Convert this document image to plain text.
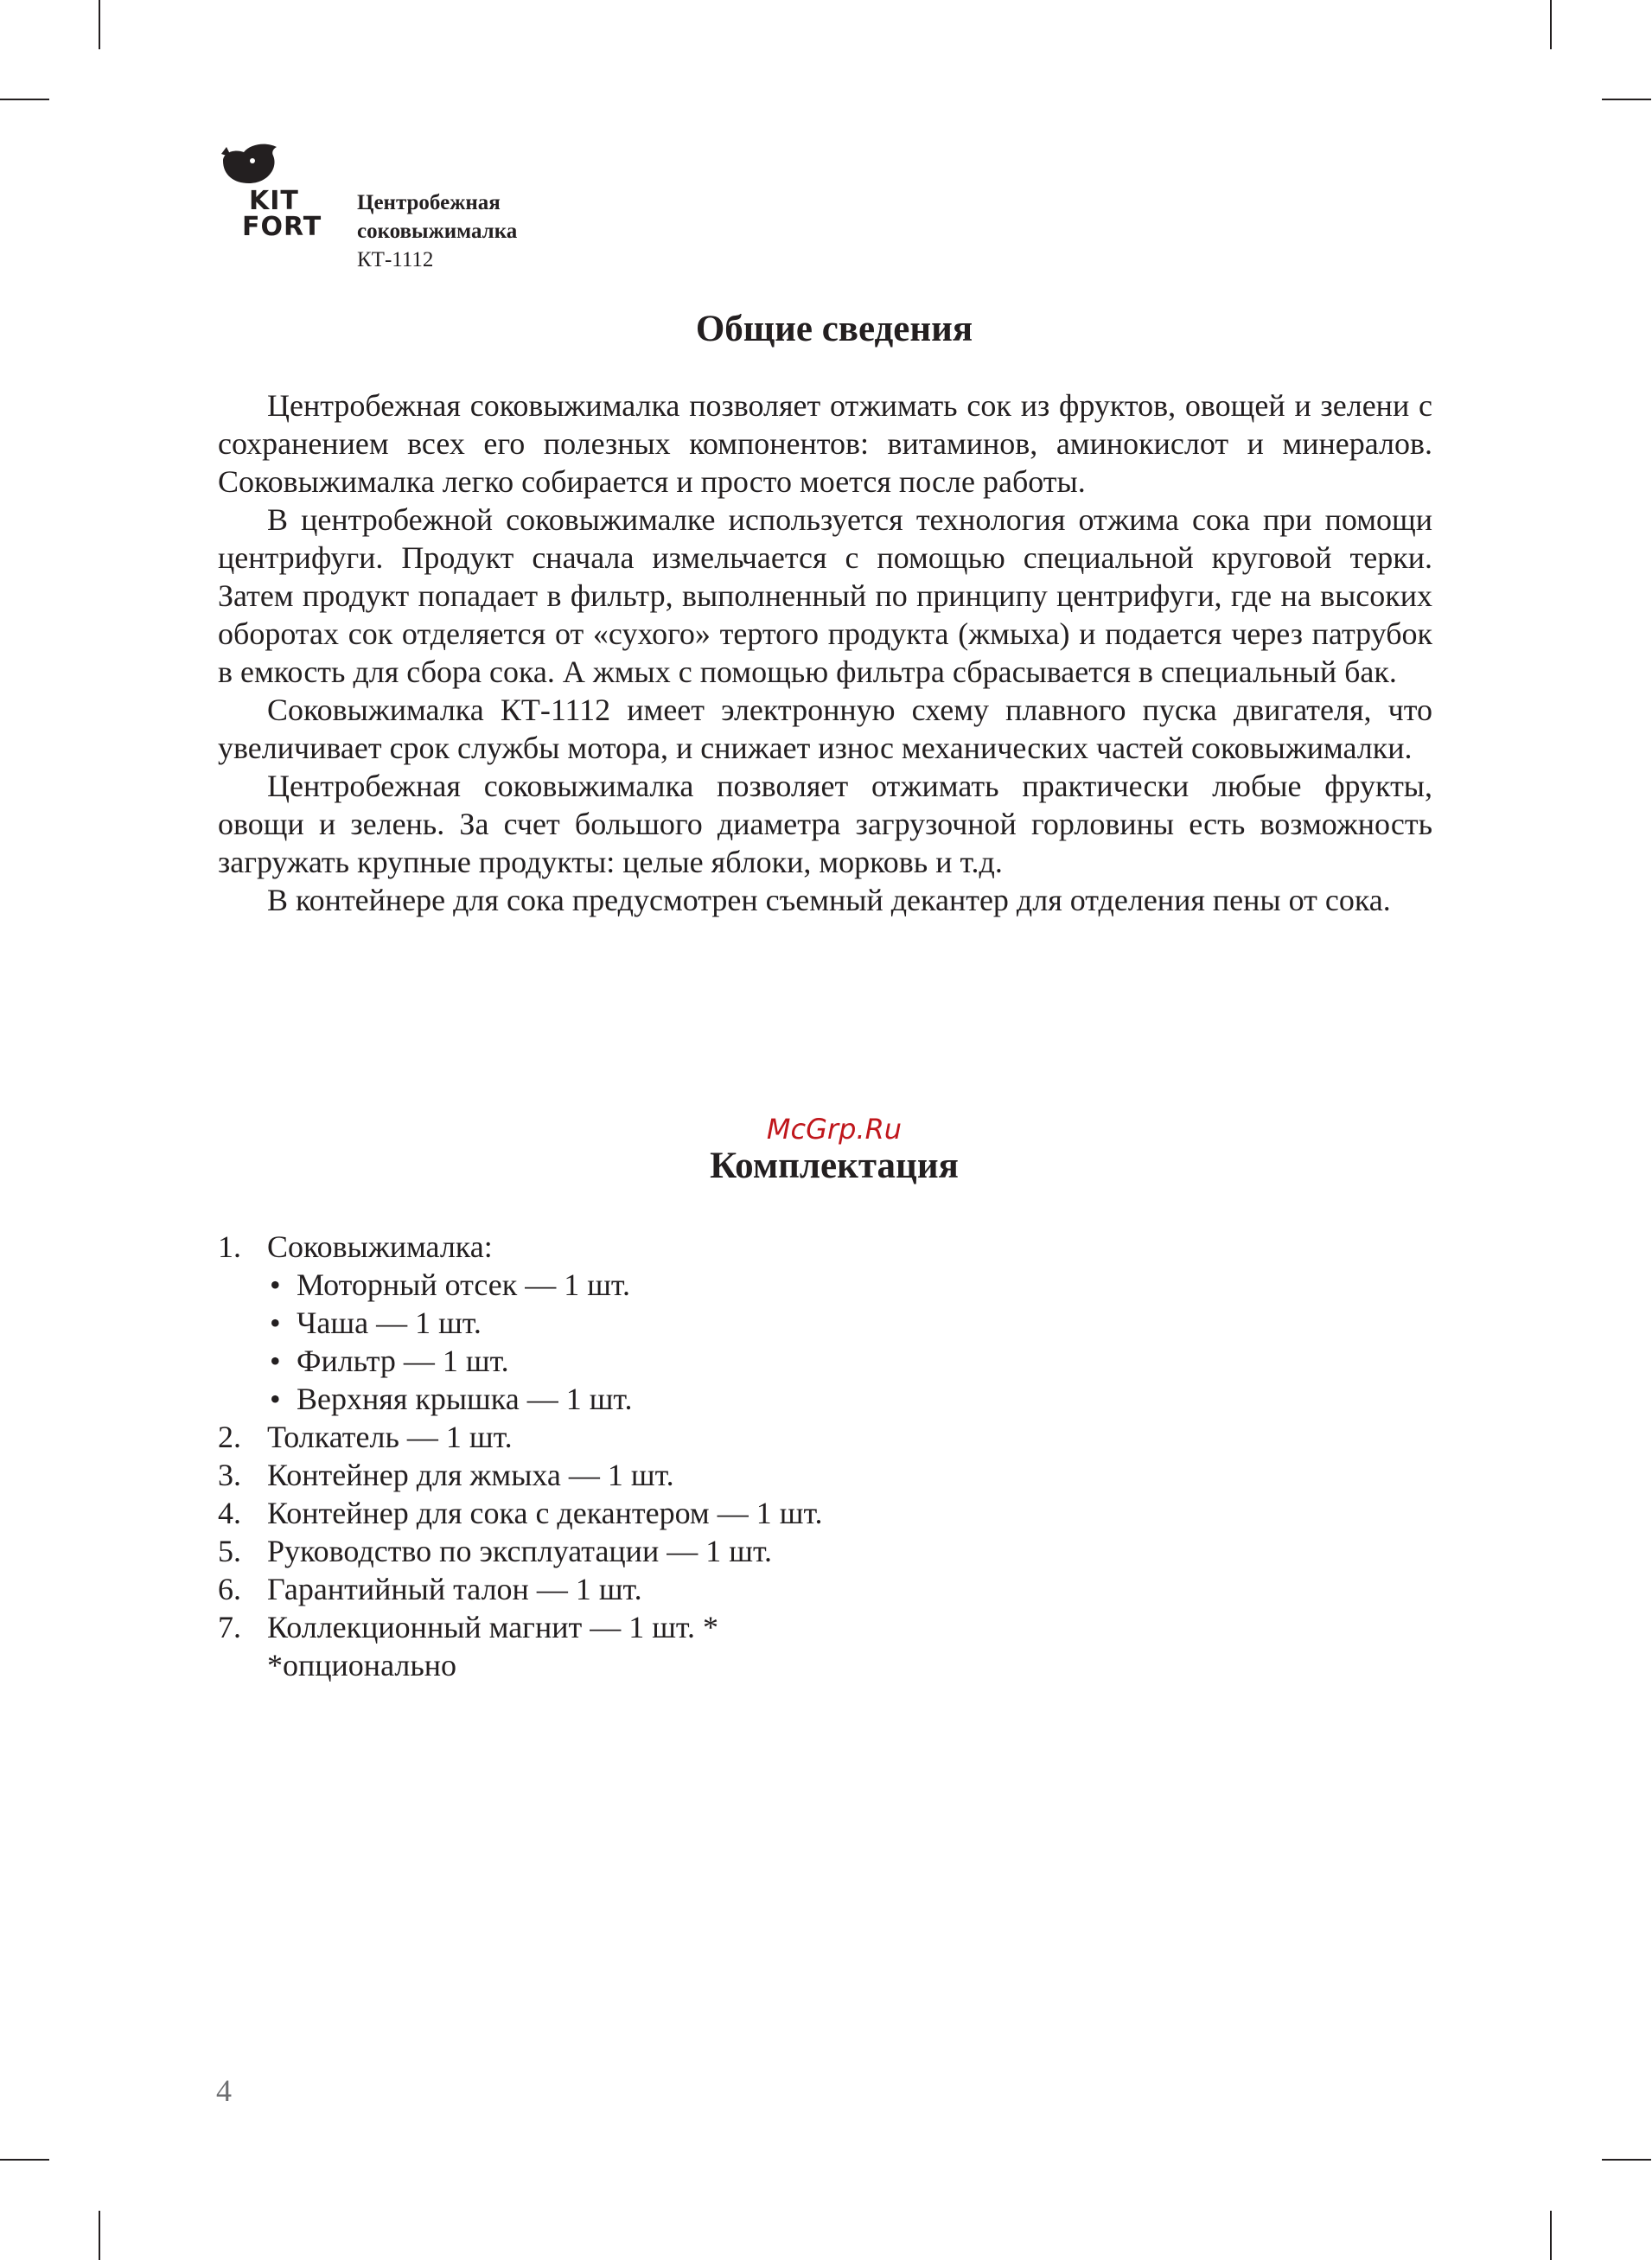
KIT
FORT
Центробежная
соковыжималка
КТ-1112
Общие сведения

Центробежная соковыжималка позволяет отжимать сок из фруктов, овощей и зелени с сохранением всех его полезных компонентов: витаминов, аминокислот и минералов. Соковыжималка легко собирается и просто моется после работы.

В центробежной соковыжималке используется технология отжима сока при помощи центрифуги. Продукт сначала измельчается с помощью специальной круговой терки. Затем продукт попадает в фильтр, выполненный по принципу центрифуги, где на высоких оборотах сок отделяется от «сухого» тертого продукта (жмыха) и подается через патрубок в емкость для сбора сока. А жмых с помощью фильтра сбрасывается в специальный бак.

Соковыжималка КТ-1112 имеет электронную схему плавного пуска двигателя, что увеличивает срок службы мотора, и снижает износ механических частей соковыжималки.

Центробежная соковыжималка позволяет отжимать практически любые фрукты, овощи и зелень. За счет большого диаметра загрузочной горловины есть возможность загружать крупные продукты: целые яблоки, морковь и т.д.

В контейнере для сока предусмотрен съемный декантер для отделения пены от сока.

McGrp.Ru
Комплектация
1. Соковыжималка:
• Моторный отсек — 1 шт.
• Чаша — 1 шт.
• Фильтр — 1 шт.
• Верхняя крышка — 1 шт.
2. Толкатель — 1 шт.
3. Контейнер для жмыха — 1 шт.
4. Контейнер для сока с декантером — 1 шт.
5. Руководство по эксплуатации — 1 шт.
6. Гарантийный талон — 1 шт.
7. Коллекционный магнит — 1 шт. *
*опционально
4
